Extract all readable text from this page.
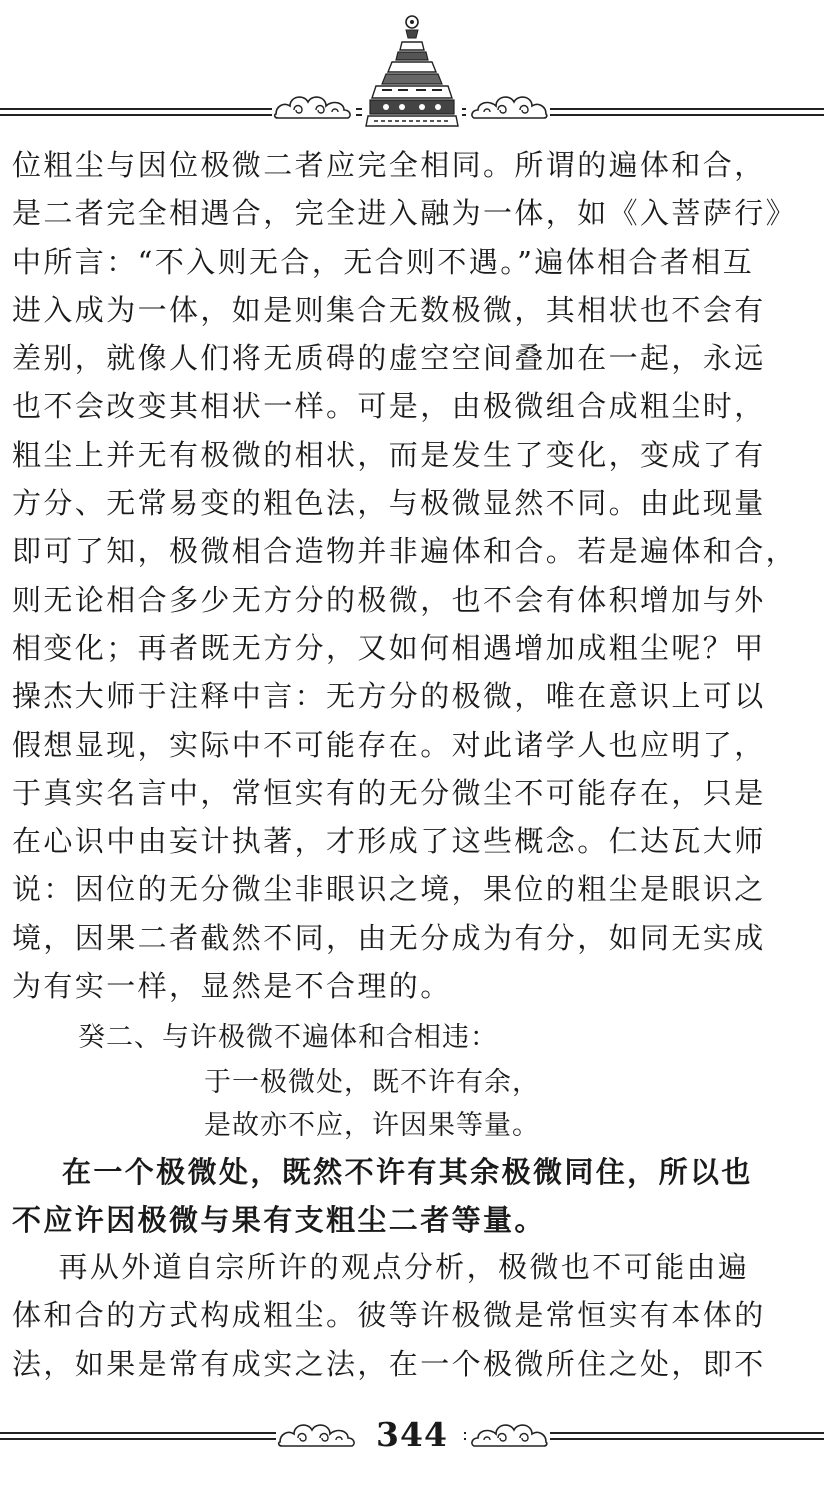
位粗尘与因位极微二者应完全相同。所谓的遍体和合，
是二者完全相遇合，完全进入融为一体，如《入菩萨行》
中所言：“不入则无合，无合则不遇。”遍体相合者相互
进入成为一体，如是则集合无数极微，其相状也不会有
差别，就像人们将无质碍的虚空空间叠加在一起，永远
也不会改变其相状一样。可是，由极微组合成粗尘时，
粗尘上并无有极微的相状，而是发生了变化，变成了有
方分、无常易变的粗色法，与极微显然不同。由此现量
即可了知，极微相合造物并非遍体和合。若是遍体和合，
则无论相合多少无方分的极微，也不会有体积增加与外
相变化；再者既无方分，又如何相遇增加成粗尘呢？甲
操杰大师于注释中言：无方分的极微，唯在意识上可以
假想显现，实际中不可能存在。对此诸学人也应明了，
于真实名言中，常恒实有的无分微尘不可能存在，只是
在心识中由妄计执著，才形成了这些概念。仁达瓦大师
说：因位的无分微尘非眼识之境，果位的粗尘是眼识之
境，因果二者截然不同，由无分成为有分，如同无实成
为有实一样，显然是不合理的。
癸二、与许极微不遍体和合相违：
于一极微处，既不许有余，
是故亦不应，许因果等量。
在一个极微处，既然不许有其余极微同住，所以也
不应许因极微与果有支粗尘二者等量。
再从外道自宗所许的观点分析，极微也不可能由遍
体和合的方式构成粗尘。彼等许极微是常恒实有本体的
法，如果是常有成实之法，在一个极微所住之处，即不
344
